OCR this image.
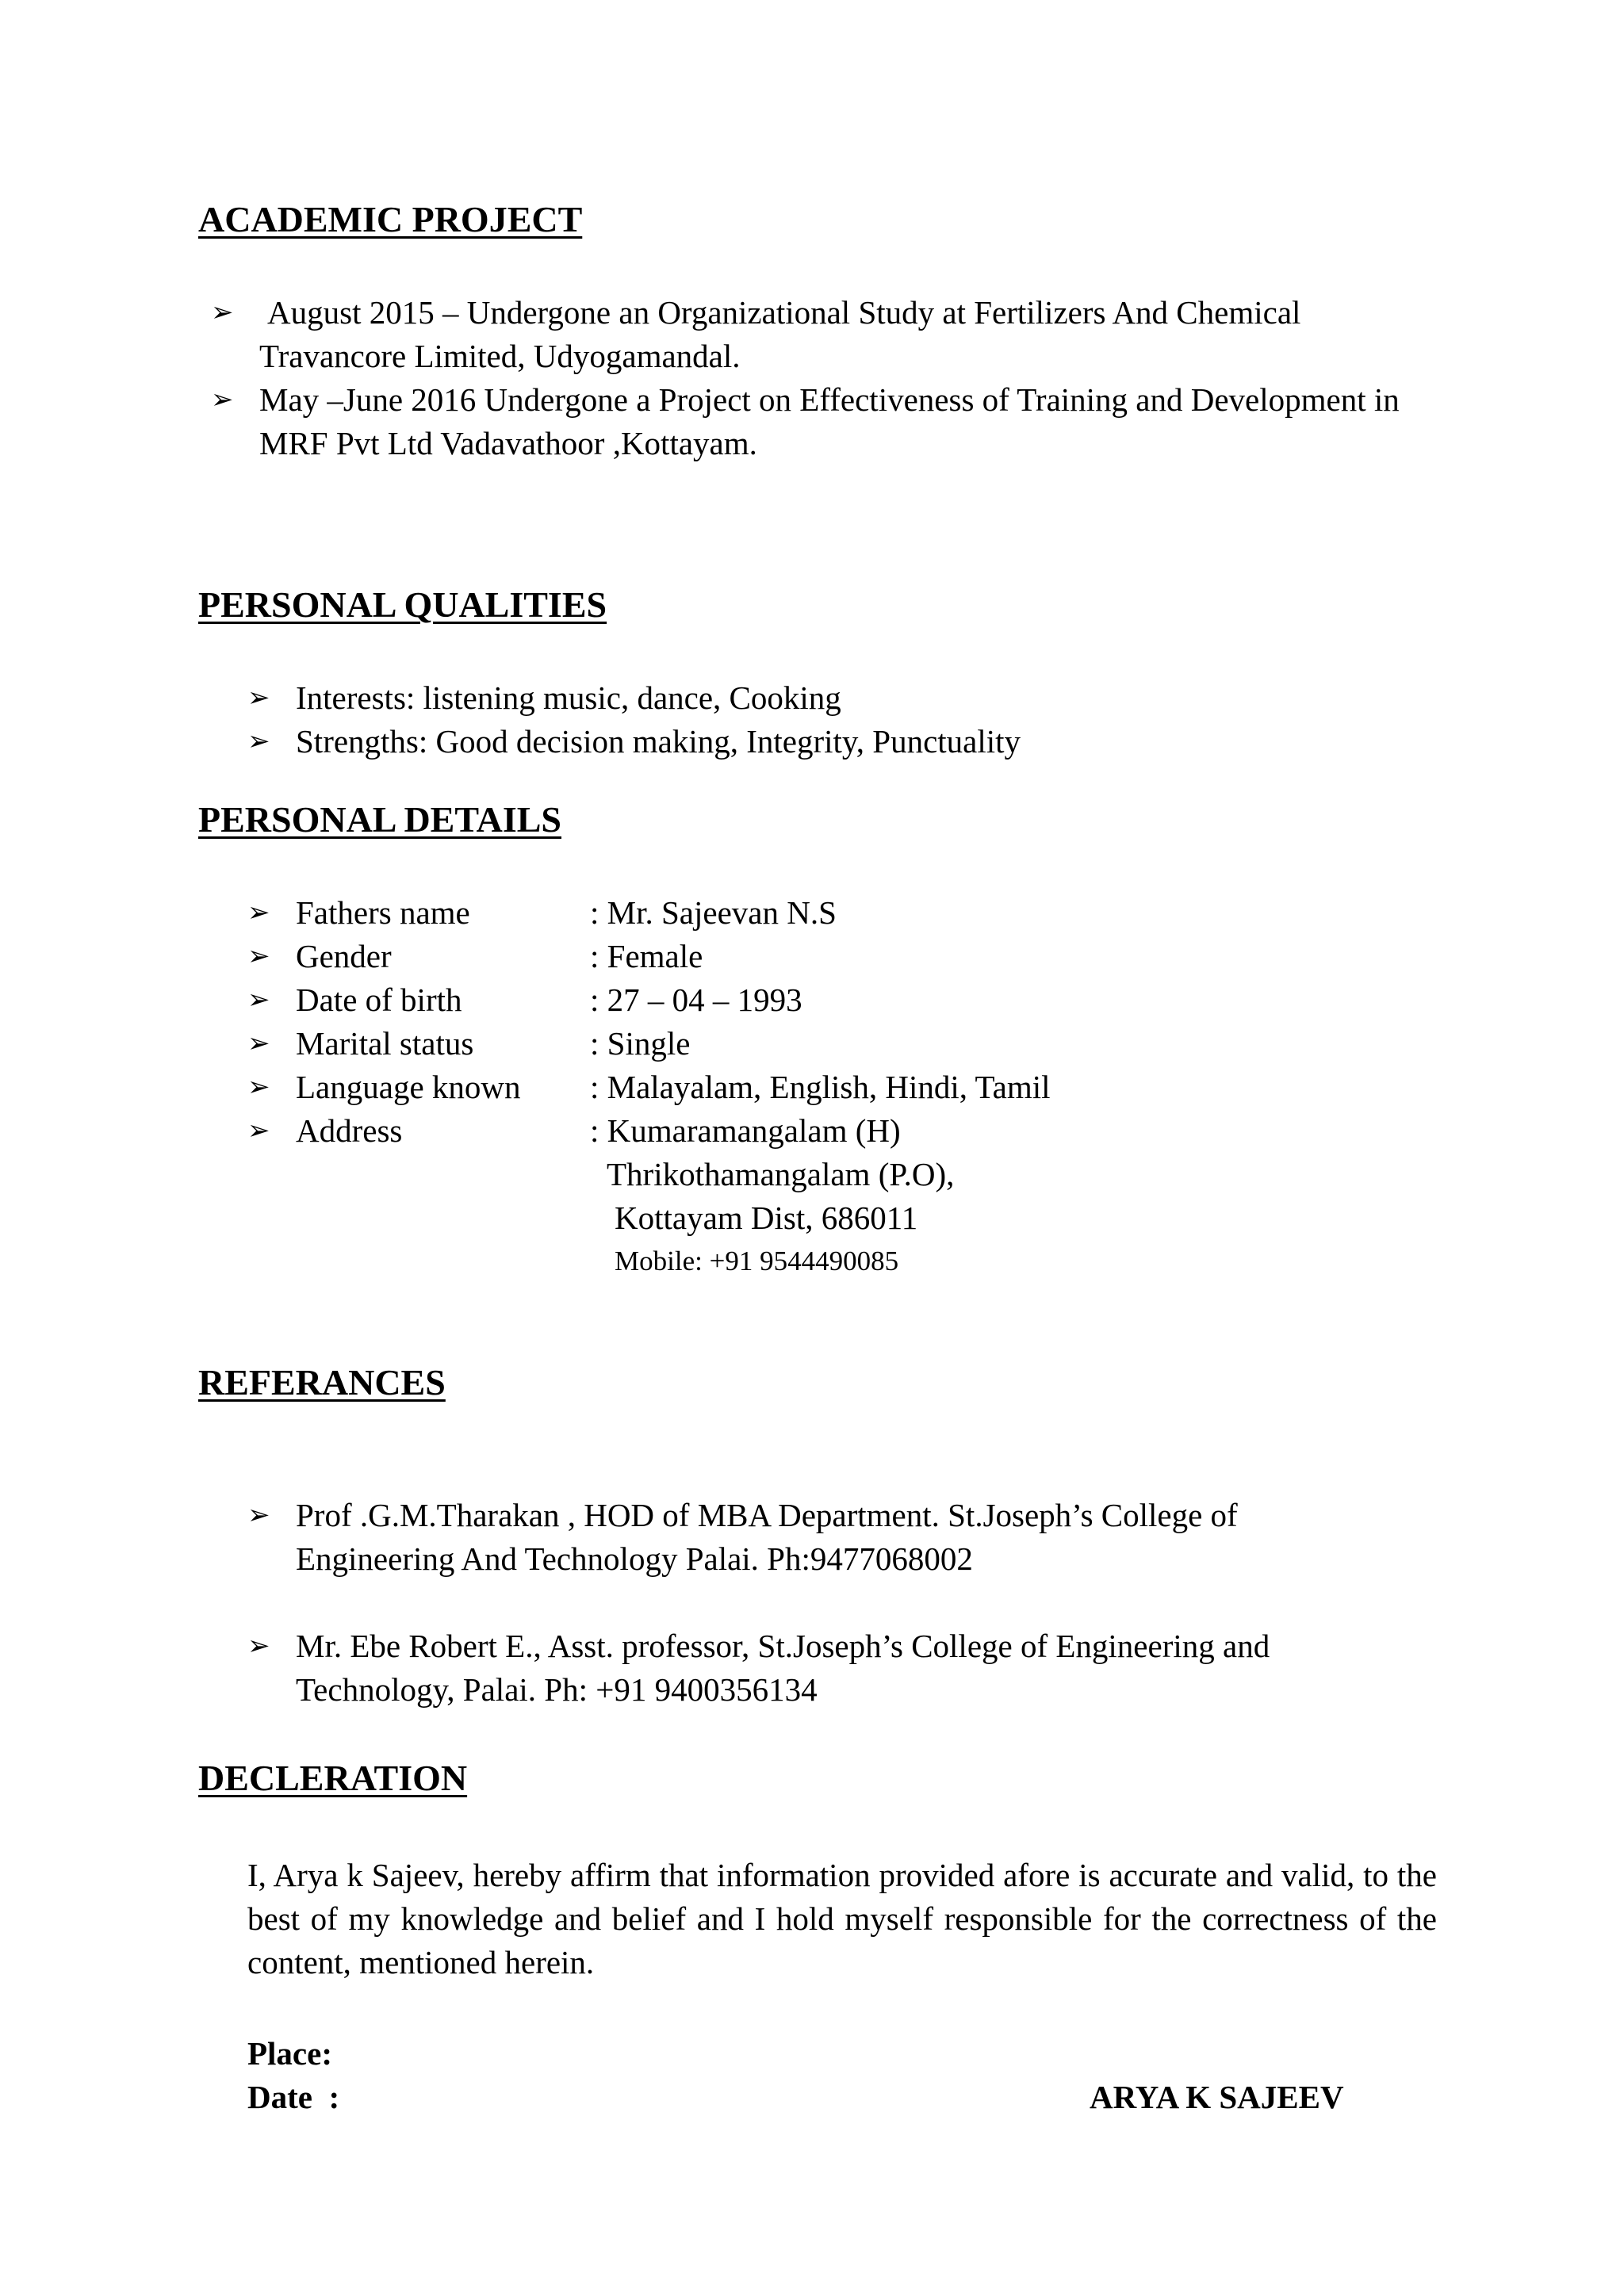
ACADEMIC PROJECT
➢ August 2015 – Undergone an Organizational Study at Fertilizers And Chemical
Travancore Limited, Udyogamandal.
➢ May –June 2016 Undergone a Project on Effectiveness of Training and Development in
MRF Pvt Ltd Vadavathoor ,Kottayam.
PERSONAL QUALITIES
➢ Interests: listening music, dance, Cooking
➢ Strengths: Good decision making, Integrity, Punctuality
PERSONAL DETAILS
➢ Fathers name	: Mr. Sajeevan N.S
➢ Gender	: Female
➢ Date of birth	: 27 – 04 – 1993
➢ Marital status	: Single
➢ Language known : Malayalam, English, Hindi, Tamil
➢ Address	: Kumaramangalam (H)
Thrikothamangalam (P.O),
Kottayam Dist, 686011
Mobile: +91 9544490085
REFERANCES
➢ Prof .G.M.Tharakan , HOD of MBA Department. St.Joseph’s College of
Engineering And Technology Palai. Ph:9477068002
➢ Mr. Ebe Robert E., Asst. professor, St.Joseph’s College of Engineering and
Technology, Palai. Ph: +91 9400356134
DECLERATION

I, Arya k Sajeev, hereby affirm that information provided afore is accurate and valid, to the best of my knowledge and belief and I hold myself responsible for the correctness of the content, mentioned herein.

Place:
Date  :	ARYA K SAJEEV
